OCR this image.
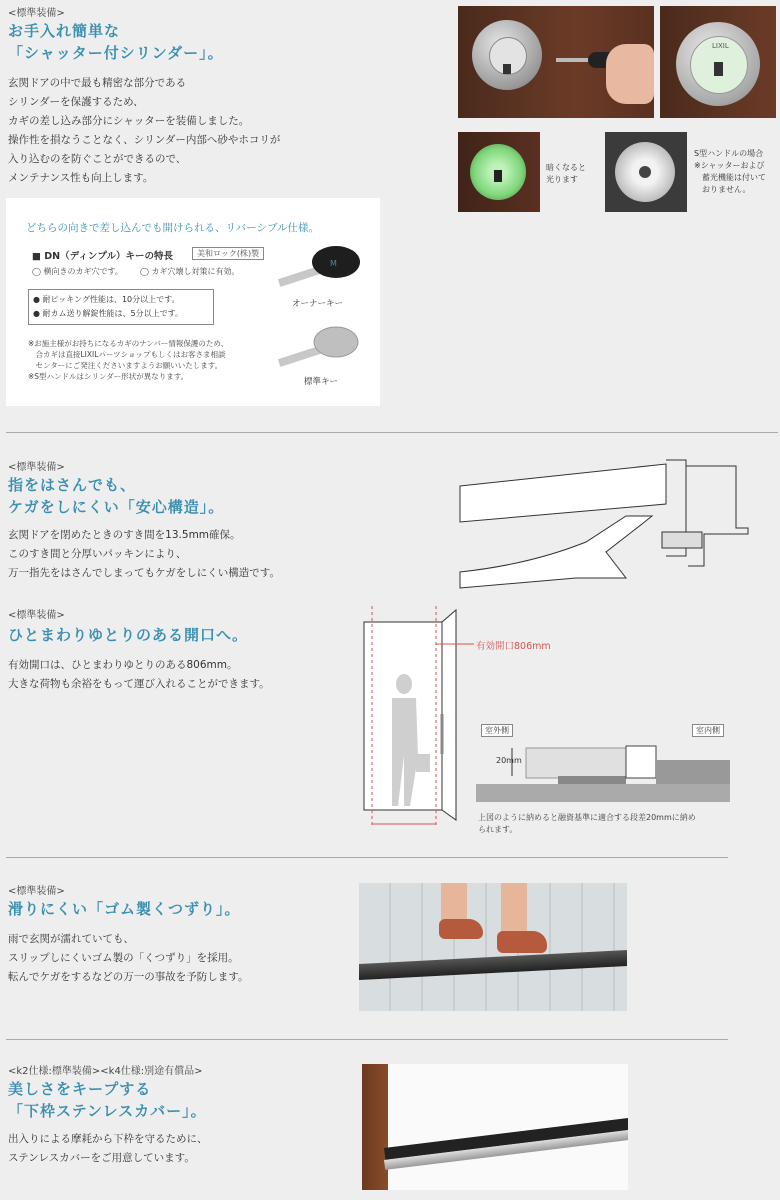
<標準装備>
お手入れ簡単な
「シャッター付シリンダー」。
玄関ドアの中で最も精密な部分である
シリンダーを保護するため、
カギの差し込み部分にシャッターを装備しました。
操作性を損なうことなく、シリンダー内部へ砂やホコリが
入り込むのを防ぐことができるので、
メンテナンス性も向上します。
LIXIL
暗くなると
光ります
S型ハンドルの場合
※シャッターおよび
　蓄光機能は付いて
　おりません。
どちらの向きで差し込んでも開けられる、リバーシブル仕様。
■ DN（ディンプル）キーの特長	美和ロック(株)製
◯ 横向きのカギ穴です。 ◯ カギ穴壊し対策に有効。
● 耐ピッキング性能は、10分以上です。
● 耐カム送り解錠性能は、5分以上です。
※お施主様がお持ちになるカギのナンバー情報保護のため、
　合カギは直接LIXILパーツショップもしくはお客さま相談
　センターにご発注くださいますようお願いいたします。
※S型ハンドルはシリンダー形状が異なります。
M
オーナーキー
標準キー
<標準装備>
指をはさんでも、
ケガをしにくい「安心構造」。
玄関ドアを閉めたときのすき間を13.5mm確保。
このすき間と分厚いパッキンにより、
万一指先をはさんでしまってもケガをしにくい構造です。
<標準装備>
ひとまわりゆとりのある開口へ。
有効開口は、ひとまわりゆとりのある806mm。
大きな荷物も余裕をもって運び入れることができます。
有効開口806mm
室外側	室内側
20mm
上図のように納めると融資基準に適合する段差20mmに納め
られます。
<標準装備>
滑りにくい「ゴム製くつずり」。
雨で玄関が濡れていても、
スリップしにくいゴム製の「くつずり」を採用。
転んでケガをするなどの万一の事故を予防します。
<k2仕様:標準装備><k4仕様:別途有償品>
美しさをキープする
「下枠ステンレスカバー」。
出入りによる摩耗から下枠を守るために、
ステンレスカバーをご用意しています。
